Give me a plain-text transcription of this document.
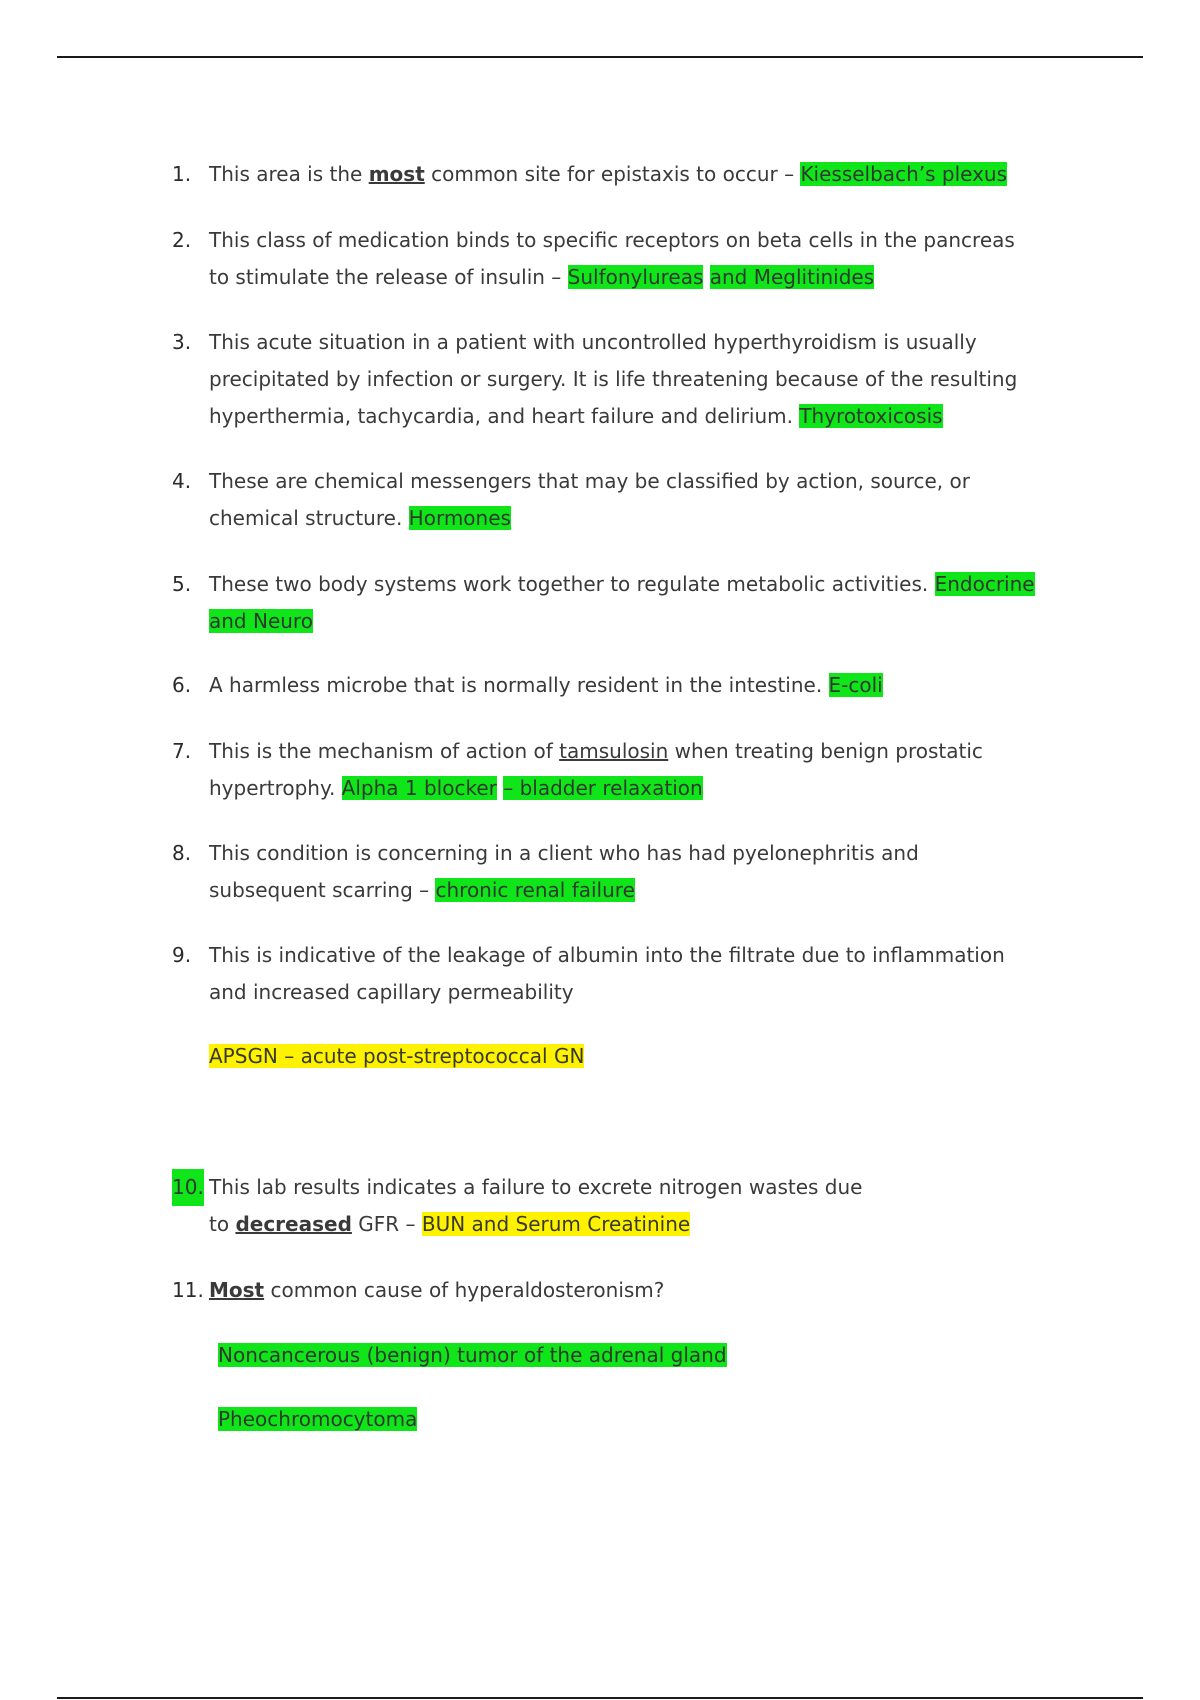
1. This area is the most common site for epistaxis to occur – Kiesselbach’s plexus
2. This class of medication binds to specific receptors on beta cells in the pancreas
to stimulate the release of insulin – Sulfonylureas and Meglitinides
3. This acute situation in a patient with uncontrolled hyperthyroidism is usually
precipitated by infection or surgery. It is life threatening because of the resulting
hyperthermia, tachycardia, and heart failure and delirium. Thyrotoxicosis
4. These are chemical messengers that may be classified by action, source, or
chemical structure. Hormones
5. These two body systems work together to regulate metabolic activities. Endocrine
and Neuro
6. A harmless microbe that is normally resident in the intestine. E-coli
7. This is the mechanism of action of tamsulosin when treating benign prostatic
hypertrophy. Alpha 1 blocker – bladder relaxation
8. This condition is concerning in a client who has had pyelonephritis and
subsequent scarring – chronic renal failure
9. This is indicative of the leakage of albumin into the filtrate due to inflammation
and increased capillary permeability
APSGN – acute post-streptococcal GN
10. This lab results indicates a failure to excrete nitrogen wastes due
to decreased GFR – BUN and Serum Creatinine
11. Most common cause of hyperaldosteronism?
Noncancerous (benign) tumor of the adrenal gland
Pheochromocytoma
